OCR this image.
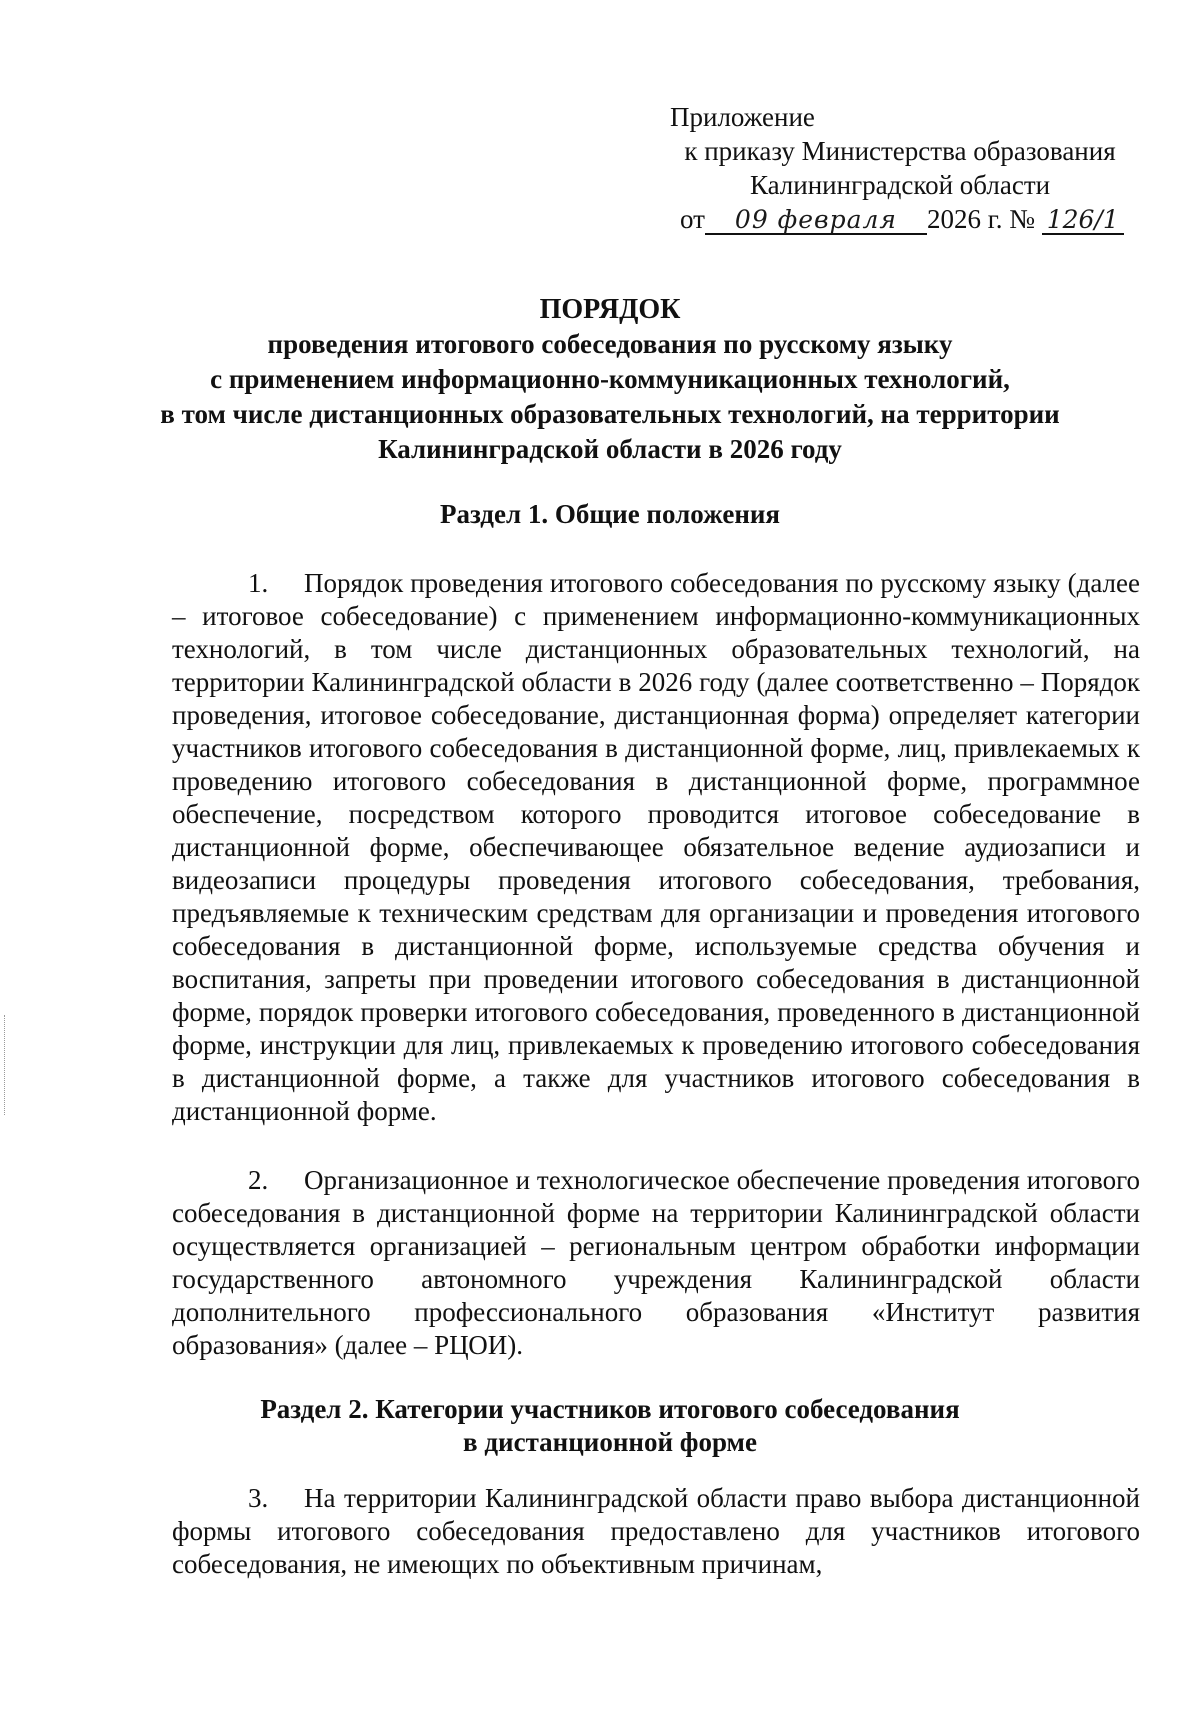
Приложение
к приказу Министерства образования
Калининградской области
от 09 февраля 2026 г. № 126/1
ПОРЯДОК
проведения итогового собеседования по русскому языку
с применением информационно-коммуникационных технологий,
в том числе дистанционных образовательных технологий, на территории
Калининградской области в 2026 году
Раздел 1. Общие положения
1. Порядок проведения итогового собеседования по русскому языку (далее – итоговое собеседование) с применением информационно-коммуникационных технологий, в том числе дистанционных образовательных технологий, на территории Калининградской области в 2026 году (далее соответственно – Порядок проведения, итоговое собеседование, дистанционная форма) определяет категории участников итогового собеседования в дистанционной форме, лиц, привлекаемых к проведению итогового собеседования в дистанционной форме, программное обеспечение, посредством которого проводится итоговое собеседование в дистанционной форме, обеспечивающее обязательное ведение аудиозаписи и видеозаписи процедуры проведения итогового собеседования, требования, предъявляемые к техническим средствам для организации и проведения итогового собеседования в дистанционной форме, используемые средства обучения и воспитания, запреты при проведении итогового собеседования в дистанционной форме, порядок проверки итогового собеседования, проведенного в дистанционной форме, инструкции для лиц, привлекаемых к проведению итогового собеседования в дистанционной форме, а также для участников итогового собеседования в дистанционной форме.
2. Организационное и технологическое обеспечение проведения итогового собеседования в дистанционной форме на территории Калининградской области осуществляется организацией – региональным центром обработки информации государственного автономного учреждения Калининградской области дополнительного профессионального образования «Институт развития образования» (далее – РЦОИ).
Раздел 2. Категории участников итогового собеседования
в дистанционной форме
3. На территории Калининградской области право выбора дистанционной формы итогового собеседования предоставлено для участников итогового собеседования, не имеющих по объективным причинам,
